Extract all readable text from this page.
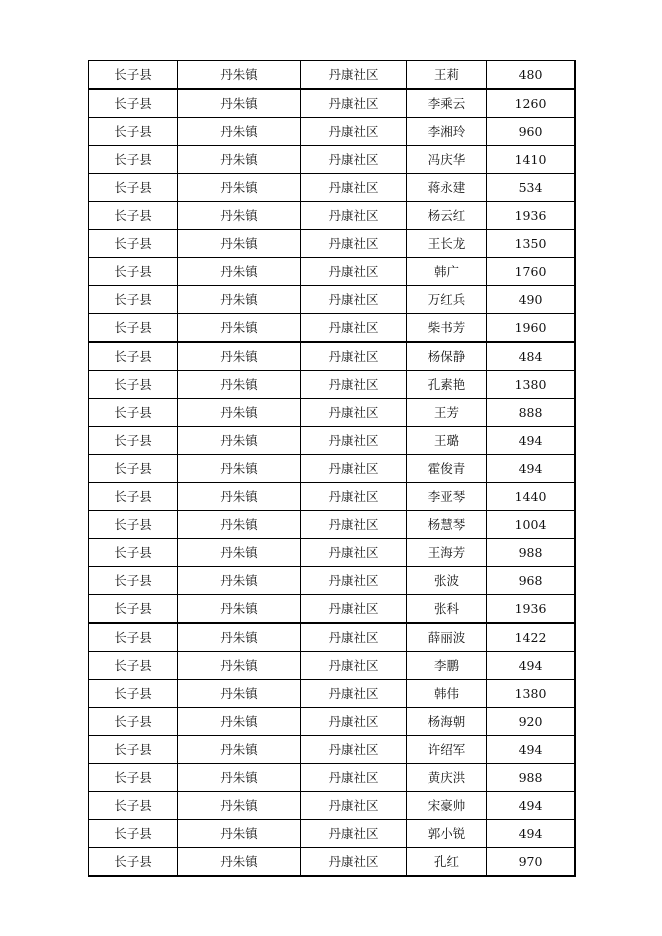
长子县	丹朱镇	丹康社区	王莉	480
长子县	丹朱镇	丹康社区	李乘云	1260
长子县	丹朱镇	丹康社区	李湘玲	960
长子县	丹朱镇	丹康社区	冯庆华	1410
长子县	丹朱镇	丹康社区	蒋永建	534
长子县	丹朱镇	丹康社区	杨云红	1936
长子县	丹朱镇	丹康社区	王长龙	1350
长子县	丹朱镇	丹康社区	韩广	1760
长子县	丹朱镇	丹康社区	万红兵	490
长子县	丹朱镇	丹康社区	柴书芳	1960
长子县	丹朱镇	丹康社区	杨保静	484
长子县	丹朱镇	丹康社区	孔素艳	1380
长子县	丹朱镇	丹康社区	王芳	888
长子县	丹朱镇	丹康社区	王璐	494
长子县	丹朱镇	丹康社区	霍俊青	494
长子县	丹朱镇	丹康社区	李亚琴	1440
长子县	丹朱镇	丹康社区	杨慧琴	1004
长子县	丹朱镇	丹康社区	王海芳	988
长子县	丹朱镇	丹康社区	张波	968
长子县	丹朱镇	丹康社区	张科	1936
长子县	丹朱镇	丹康社区	薛丽波	1422
长子县	丹朱镇	丹康社区	李鹏	494
长子县	丹朱镇	丹康社区	韩伟	1380
长子县	丹朱镇	丹康社区	杨海朝	920
长子县	丹朱镇	丹康社区	许绍军	494
长子县	丹朱镇	丹康社区	黄庆洪	988
长子县	丹朱镇	丹康社区	宋豪帅	494
长子县	丹朱镇	丹康社区	郭小锐	494
长子县	丹朱镇	丹康社区	孔红	970
